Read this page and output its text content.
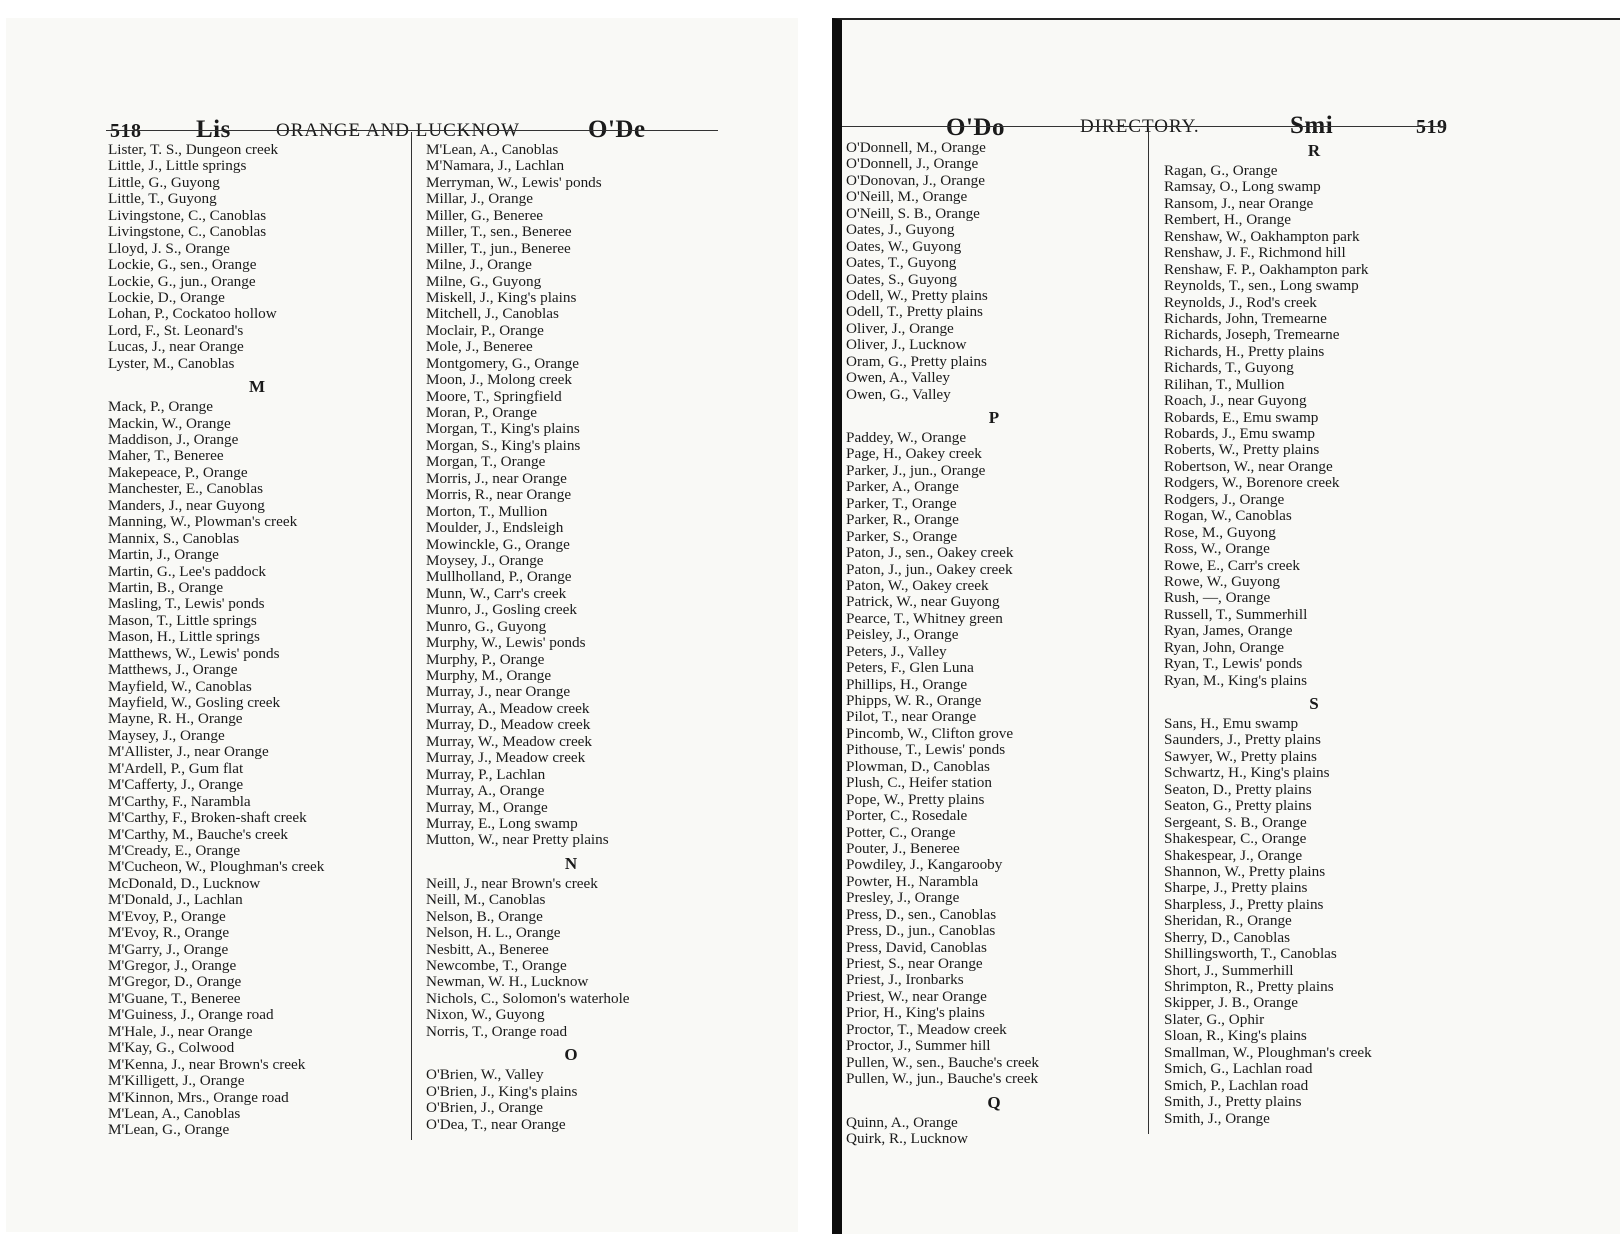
518 Lis ORANGE AND LUCKNOW	O'De
Lister, T. S., Dungeon creek
Little, J., Little springs
Little, G., Guyong
Little, T., Guyong
Livingstone, C., Canoblas
Livingstone, C., Canoblas
Lloyd, J. S., Orange
Lockie, G., sen., Orange
Lockie, G., jun., Orange
Lockie, D., Orange
Lohan, P., Cockatoo hollow
Lord, F., St. Leonard's
Lucas, J., near Orange
Lyster, M., Canoblas
M
Mack, P., Orange
Mackin, W., Orange
Maddison, J., Orange
Maher, T., Beneree
Makepeace, P., Orange
Manchester, E., Canoblas
Manders, J., near Guyong
Manning, W., Plowman's creek
Mannix, S., Canoblas
Martin, J., Orange
Martin, G., Lee's paddock
Martin, B., Orange
Masling, T., Lewis' ponds
Mason, T., Little springs
Mason, H., Little springs
Matthews, W., Lewis' ponds
Matthews, J., Orange
Mayfield, W., Canoblas
Mayfield, W., Gosling creek
Mayne, R. H., Orange
Maysey, J., Orange
M'Allister, J., near Orange
M'Ardell, P., Gum flat
M'Cafferty, J., Orange
M'Carthy, F., Narambla
M'Carthy, F., Broken-shaft creek
M'Carthy, M., Bauche's creek
M'Cready, E., Orange
M'Cucheon, W., Ploughman's creek
McDonald, D., Lucknow
M'Donald, J., Lachlan
M'Evoy, P., Orange
M'Evoy, R., Orange
M'Garry, J., Orange
M'Gregor, J., Orange
M'Gregor, D., Orange
M'Guane, T., Beneree
M'Guiness, J., Orange road
M'Hale, J., near Orange
M'Kay, G., Colwood
M'Kenna, J., near Brown's creek
M'Killigett, J., Orange
M'Kinnon, Mrs., Orange road
M'Lean, A., Canoblas
M'Lean, G., Orange
M'Lean, A., Canoblas
M'Namara, J., Lachlan
Merryman, W., Lewis' ponds
Millar, J., Orange
Miller, G., Beneree
Miller, T., sen., Beneree
Miller, T., jun., Beneree
Milne, J., Orange
Milne, G., Guyong
Miskell, J., King's plains
Mitchell, J., Canoblas
Moclair, P., Orange
Mole, J., Beneree
Montgomery, G., Orange
Moon, J., Molong creek
Moore, T., Springfield
Moran, P., Orange
Morgan, T., King's plains
Morgan, S., King's plains
Morgan, T., Orange
Morris, J., near Orange
Morris, R., near Orange
Morton, T., Mullion
Moulder, J., Endsleigh
Mowinckle, G., Orange
Moysey, J., Orange
Mullholland, P., Orange
Munn, W., Carr's creek
Munro, J., Gosling creek
Munro, G., Guyong
Murphy, W., Lewis' ponds
Murphy, P., Orange
Murphy, M., Orange
Murray, J., near Orange
Murray, A., Meadow creek
Murray, D., Meadow creek
Murray, W., Meadow creek
Murray, J., Meadow creek
Murray, P., Lachlan
Murray, A., Orange
Murray, M., Orange
Murray, E., Long swamp
Mutton, W., near Pretty plains
N
Neill, J., near Brown's creek
Neill, M., Canoblas
Nelson, B., Orange
Nelson, H. L., Orange
Nesbitt, A., Beneree
Newcombe, T., Orange
Newman, W. H., Lucknow
Nichols, C., Solomon's waterhole
Nixon, W., Guyong
Norris, T., Orange road
O
O'Brien, W., Valley
O'Brien, J., King's plains
O'Brien, J., Orange
O'Dea, T., near Orange
O'Do	DIRECTORY.	Smi	519
O'Donnell, M., Orange
O'Donnell, J., Orange
O'Donovan, J., Orange
O'Neill, M., Orange
O'Neill, S. B., Orange
Oates, J., Guyong
Oates, W., Guyong
Oates, T., Guyong
Oates, S., Guyong
Odell, W., Pretty plains
Odell, T., Pretty plains
Oliver, J., Orange
Oliver, J., Lucknow
Oram, G., Pretty plains
Owen, A., Valley
Owen, G., Valley
P
Paddey, W., Orange
Page, H., Oakey creek
Parker, J., jun., Orange
Parker, A., Orange
Parker, T., Orange
Parker, R., Orange
Parker, S., Orange
Paton, J., sen., Oakey creek
Paton, J., jun., Oakey creek
Paton, W., Oakey creek
Patrick, W., near Guyong
Pearce, T., Whitney green
Peisley, J., Orange
Peters, J., Valley
Peters, F., Glen Luna
Phillips, H., Orange
Phipps, W. R., Orange
Pilot, T., near Orange
Pincomb, W., Clifton grove
Pithouse, T., Lewis' ponds
Plowman, D., Canoblas
Plush, C., Heifer station
Pope, W., Pretty plains
Porter, C., Rosedale
Potter, C., Orange
Pouter, J., Beneree
Powdiley, J., Kangarooby
Powter, H., Narambla
Presley, J., Orange
Press, D., sen., Canoblas
Press, D., jun., Canoblas
Press, David, Canoblas
Priest, S., near Orange
Priest, J., Ironbarks
Priest, W., near Orange
Prior, H., King's plains
Proctor, T., Meadow creek
Proctor, J., Summer hill
Pullen, W., sen., Bauche's creek
Pullen, W., jun., Bauche's creek
Q
Quinn, A., Orange
Quirk, R., Lucknow
R
Ragan, G., Orange
Ramsay, O., Long swamp
Ransom, J., near Orange
Rembert, H., Orange
Renshaw, W., Oakhampton park
Renshaw, J. F., Richmond hill
Renshaw, F. P., Oakhampton park
Reynolds, T., sen., Long swamp
Reynolds, J., Rod's creek
Richards, John, Tremearne
Richards, Joseph, Tremearne
Richards, H., Pretty plains
Richards, T., Guyong
Rilihan, T., Mullion
Roach, J., near Guyong
Robards, E., Emu swamp
Robards, J., Emu swamp
Roberts, W., Pretty plains
Robertson, W., near Orange
Rodgers, W., Borenore creek
Rodgers, J., Orange
Rogan, W., Canoblas
Rose, M., Guyong
Ross, W., Orange
Rowe, E., Carr's creek
Rowe, W., Guyong
Rush, —, Orange
Russell, T., Summerhill
Ryan, James, Orange
Ryan, John, Orange
Ryan, T., Lewis' ponds
Ryan, M., King's plains
S
Sans, H., Emu swamp
Saunders, J., Pretty plains
Sawyer, W., Pretty plains
Schwartz, H., King's plains
Seaton, D., Pretty plains
Seaton, G., Pretty plains
Sergeant, S. B., Orange
Shakespear, C., Orange
Shakespear, J., Orange
Shannon, W., Pretty plains
Sharpe, J., Pretty plains
Sharpless, J., Pretty plains
Sheridan, R., Orange
Sherry, D., Canoblas
Shillingsworth, T., Canoblas
Short, J., Summerhill
Shrimpton, R., Pretty plains
Skipper, J. B., Orange
Slater, G., Ophir
Sloan, R., King's plains
Smallman, W., Ploughman's creek
Smich, G., Lachlan road
Smich, P., Lachlan road
Smith, J., Pretty plains
Smith, J., Orange
